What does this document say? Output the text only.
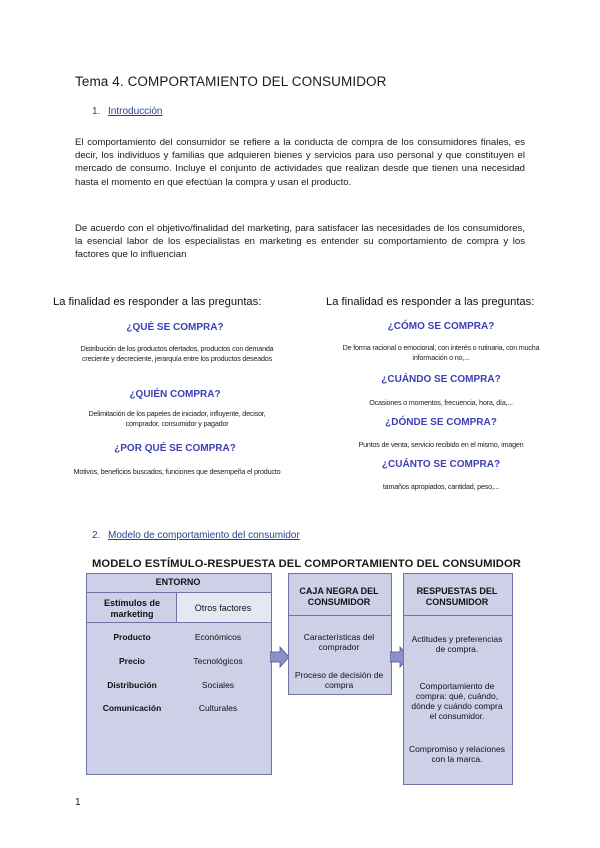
Tema 4. COMPORTAMIENTO DEL CONSUMIDOR
1. Introducción
El comportamiento del consumidor se refiere a la conducta de compra de los consumidores finales, es decir, los individuos y familias que adquieren bienes y servicios para uso personal y que constituyen el mercado de consumo. Incluye el conjunto de actividades que realizan desde que tienen una necesidad hasta el momento en que efectúan la compra y usan el producto.
De acuerdo con el objetivo/finalidad del marketing, para satisfacer las necesidades de los consumidores, la esencial labor de los especialistas en marketing es entender su comportamiento de compra y los factores que lo influencian
La finalidad es responder a las preguntas:
¿QUÉ SE COMPRA?
Distribución de los productos ofertados, productos con demanda creciente y decreciente, jerarquía entre los productos deseados
¿QUIÉN COMPRA?
Delimitación de los papeles de iniciador, influyente, decisor, comprador, consumidor y pagador
¿POR QUÉ SE COMPRA?
Motivos, beneficios buscados, funciones que desempeña el producto
La finalidad es responder a las preguntas:
¿CÓMO SE COMPRA?
De forma racional o emocional, con interés o rutinaria, con mucha información o no,...
¿CUÁNDO SE COMPRA?
Ocasiones o momentos, frecuencia, hora, día,...
¿DÓNDE SE COMPRA?
Puntos de venta, servicio recibido en el mismo, imagen
¿CUÁNTO SE COMPRA?
tamaños apropiados, cantidad, peso,...
2. Modelo de comportamiento del consumidor
MODELO ESTÍMULO-RESPUESTA DEL COMPORTAMIENTO DEL CONSUMIDOR
ENTORNO
Estímulos de marketing
Otros factores
Producto
Precio
Distribución
Comunicación
Económicos
Tecnológicos
Sociales
Culturales
CAJA NEGRA DEL CONSUMIDOR
Características del comprador
Proceso de decisión de compra
RESPUESTAS DEL CONSUMIDOR
Actitudes y preferencias de compra.
Comportamiento de compra: qué, cuándo, dónde y cuándo compra el consumidor.
Compromiso y relaciones con la marca.
1
